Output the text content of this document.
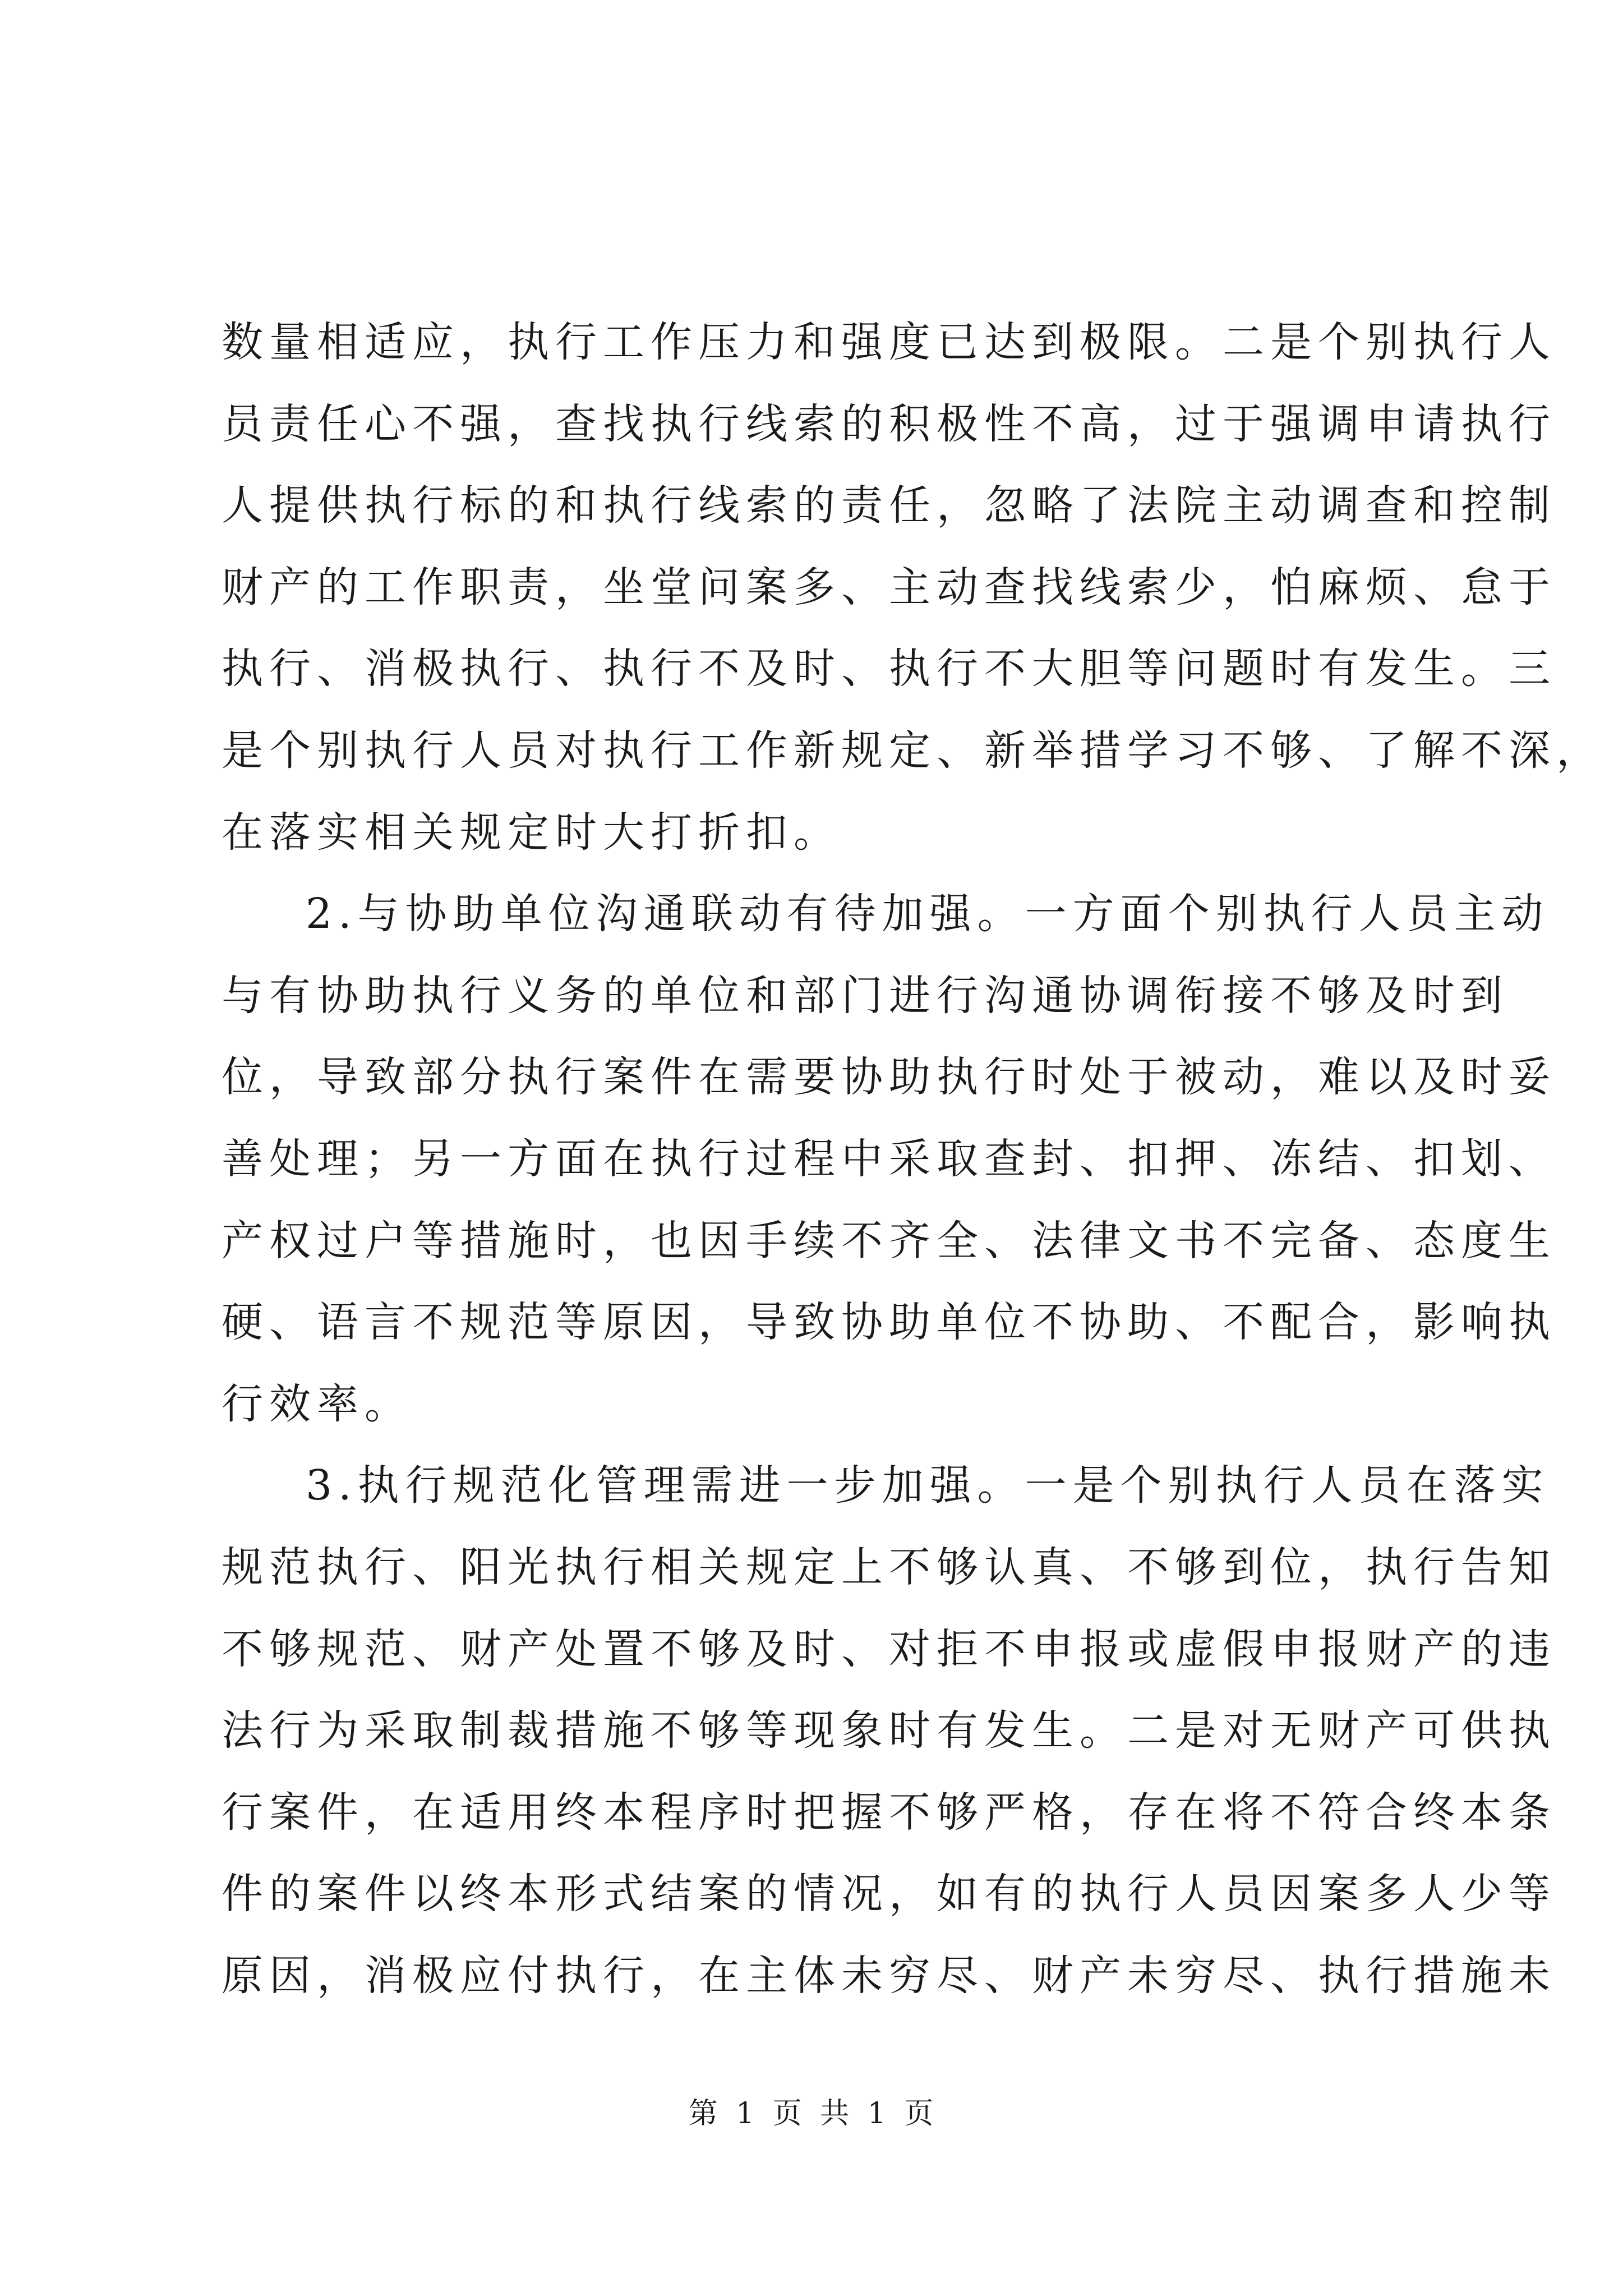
数量相适应，执行工作压力和强度已达到极限。二是个别执行人
员责任心不强，查找执行线索的积极性不高，过于强调申请执行
人提供执行标的和执行线索的责任，忽略了法院主动调查和控制
财产的工作职责，坐堂问案多、主动查找线索少，怕麻烦、怠于
执行、消极执行、执行不及时、执行不大胆等问题时有发生。三
是个别执行人员对执行工作新规定、新举措学习不够、了解不深，
在落实相关规定时大打折扣。
2.与协助单位沟通联动有待加强。一方面个别执行人员主动
与有协助执行义务的单位和部门进行沟通协调衔接不够及时到
位，导致部分执行案件在需要协助执行时处于被动，难以及时妥
善处理；另一方面在执行过程中采取查封、扣押、冻结、扣划、
产权过户等措施时，也因手续不齐全、法律文书不完备、态度生
硬、语言不规范等原因，导致协助单位不协助、不配合，影响执
行效率。
3.执行规范化管理需进一步加强。一是个别执行人员在落实
规范执行、阳光执行相关规定上不够认真、不够到位，执行告知
不够规范、财产处置不够及时、对拒不申报或虚假申报财产的违
法行为采取制裁措施不够等现象时有发生。二是对无财产可供执
行案件，在适用终本程序时把握不够严格，存在将不符合终本条
件的案件以终本形式结案的情况，如有的执行人员因案多人少等
原因，消极应付执行，在主体未穷尽、财产未穷尽、执行措施未
第 1 页 共 1 页
